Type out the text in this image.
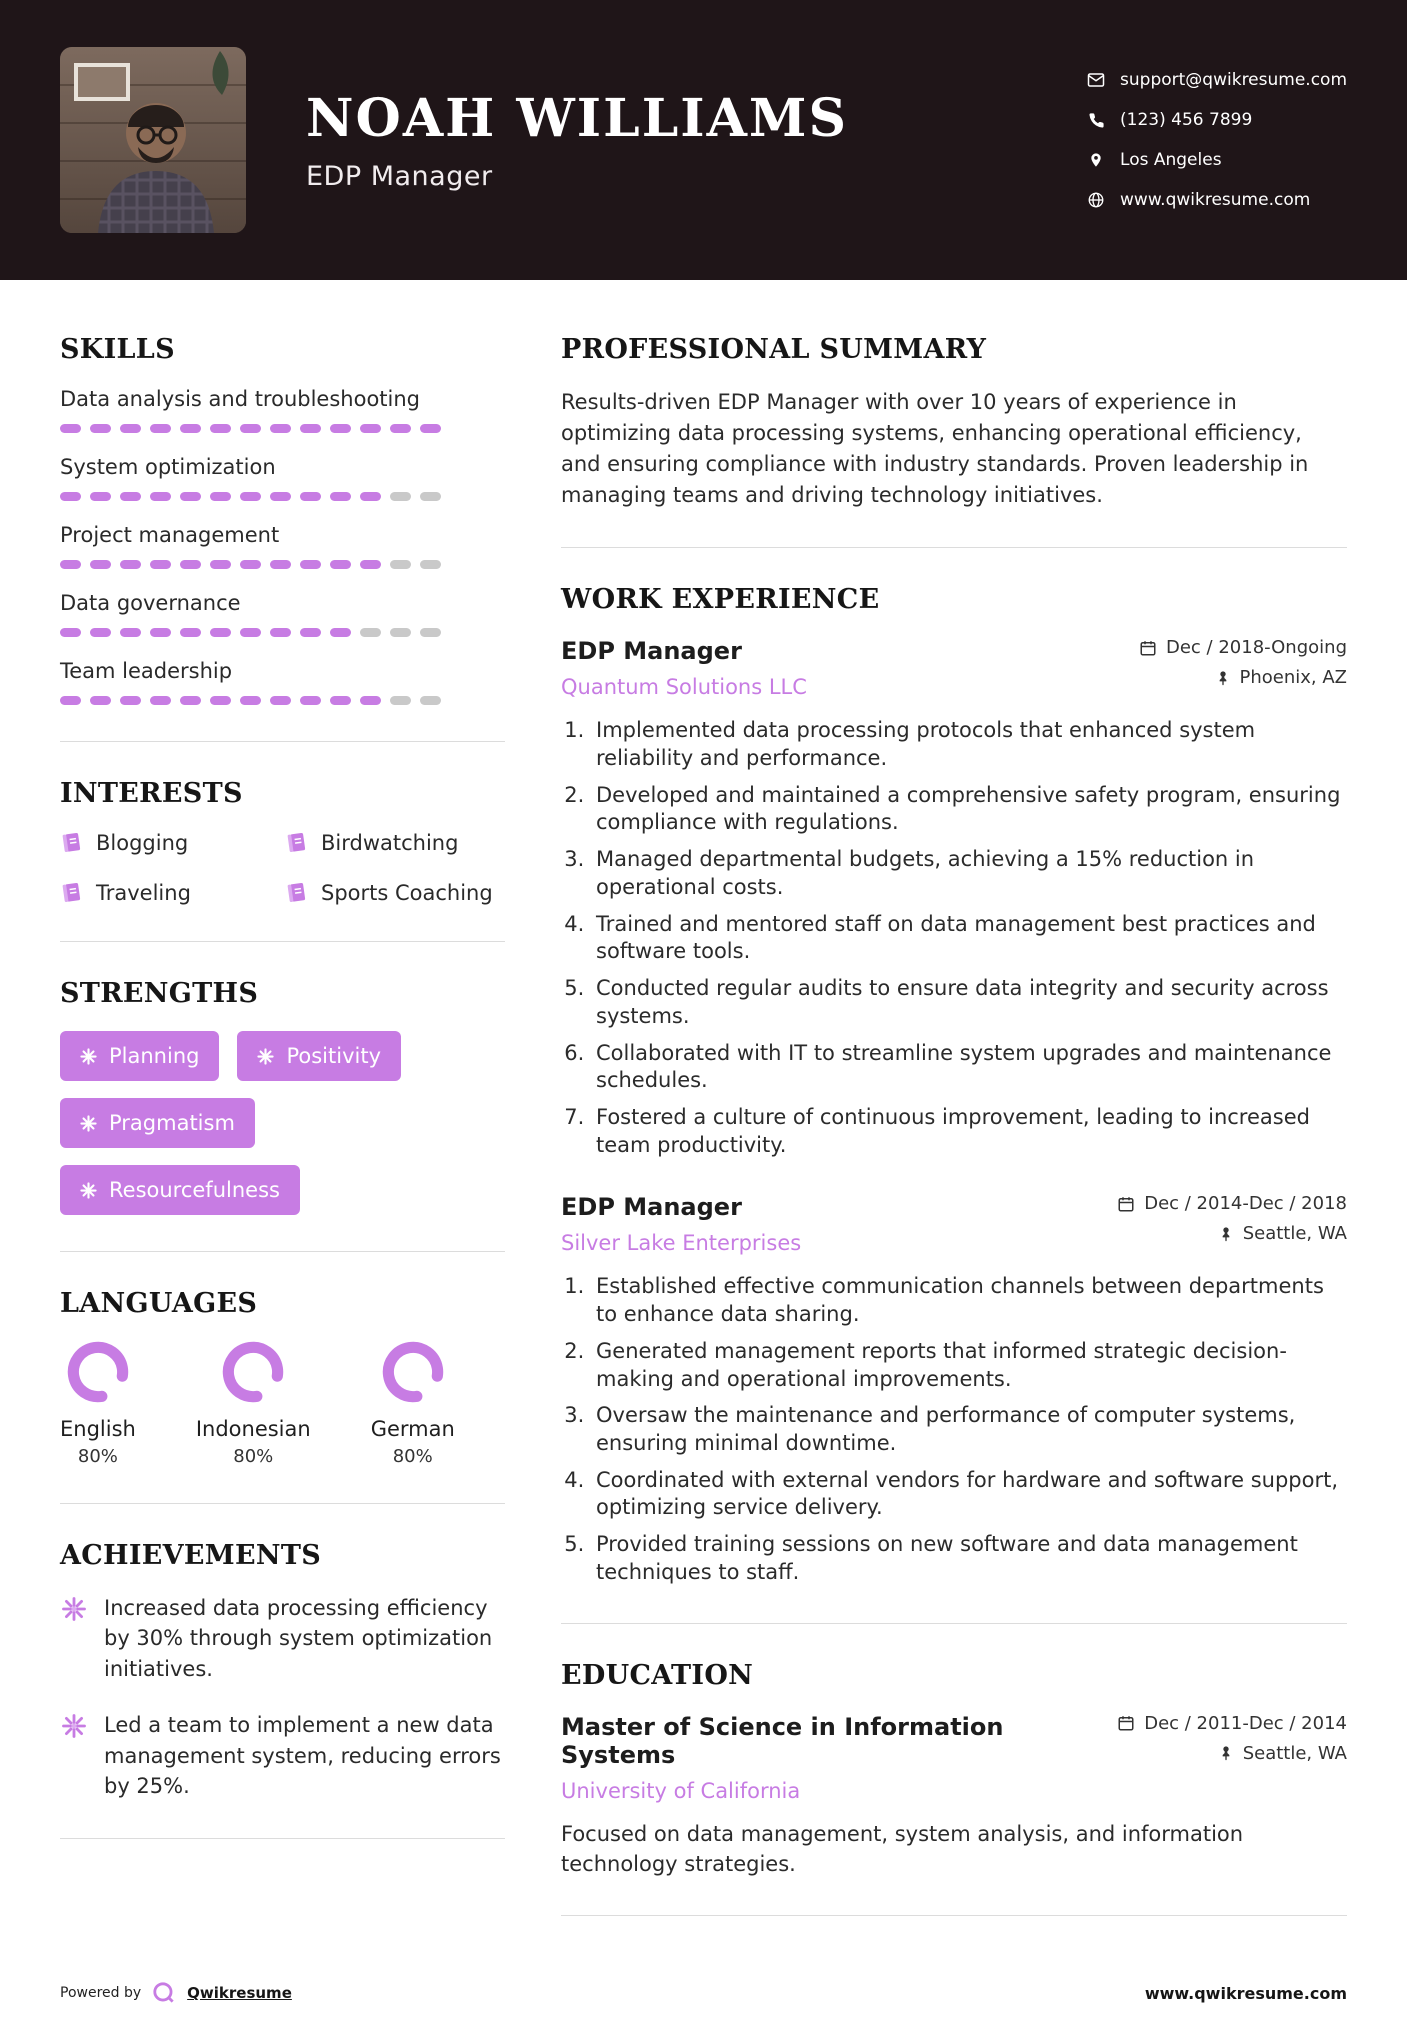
NOAH WILLIAMS
EDP Manager
support@qwikresume.com
(123) 456 7899
Los Angeles
www.qwikresume.com
SKILLS
Data analysis and troubleshooting
System optimization
Project management
Data governance
Team leadership
INTERESTS
Blogging	Birdwatching
Traveling	Sports Coaching
STRENGTHS
Planning	Positivity
Pragmatism
Resourcefulness
LANGUAGES
English
80%
Indonesian
80%
German
80%
ACHIEVEMENTS

Increased data processing efficiency by 30% through system optimization initiatives.

Led a team to implement a new data management system, reducing errors by 25%.

PROFESSIONAL SUMMARY

Results-driven EDP Manager with over 10 years of experience in optimizing data processing systems, enhancing operational efficiency, and ensuring compliance with industry standards. Proven leadership in managing teams and driving technology initiatives.

WORK EXPERIENCE
EDP Manager
Quantum Solutions LLC
Dec / 2018-Ongoing
Phoenix, AZ
1. Implemented data processing protocols that enhanced system reliability and performance.
2. Developed and maintained a comprehensive safety program, ensuring compliance with regulations.
3. Managed departmental budgets, achieving a 15% reduction in operational costs.
4. Trained and mentored staff on data management best practices and software tools.
5. Conducted regular audits to ensure data integrity and security across systems.
6. Collaborated with IT to streamline system upgrades and maintenance schedules.
7. Fostered a culture of continuous improvement, leading to increased team productivity.
EDP Manager
Silver Lake Enterprises
Dec / 2014-Dec / 2018
Seattle, WA
1. Established effective communication channels between departments to enhance data sharing.
2. Generated management reports that informed strategic decision-making and operational improvements.
3. Oversaw the maintenance and performance of computer systems, ensuring minimal downtime.
4. Coordinated with external vendors for hardware and software support, optimizing service delivery.
5. Provided training sessions on new software and data management techniques to staff.
EDUCATION
Master of Science in Information Systems
University of California
Dec / 2011-Dec / 2014
Seattle, WA

Focused on data management, system analysis, and information technology strategies.

Powered by	Qwikresume	www.qwikresume.com
